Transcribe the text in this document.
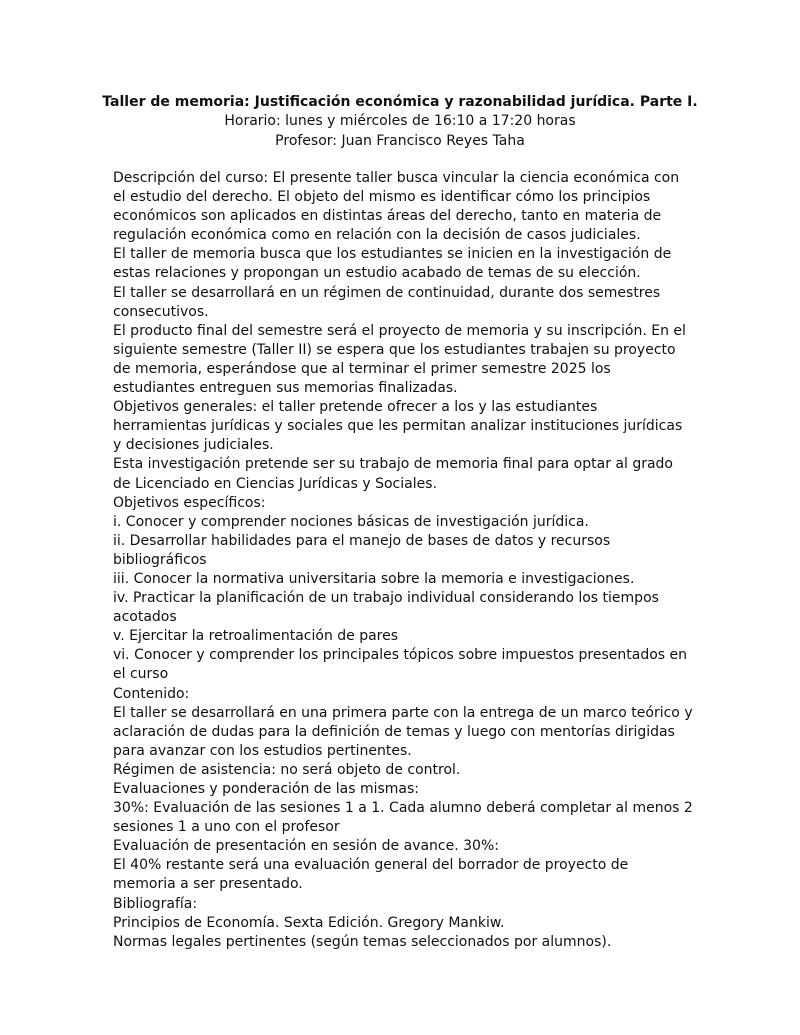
Taller de memoria: Justificación económica y razonabilidad jurídica. Parte I.
Horario: lunes y miércoles de 16:10 a 17:20 horas
Profesor: Juan Francisco Reyes Taha

Descripción del curso: El presente taller busca vincular la ciencia económica con el estudio del derecho. El objeto del mismo es identificar cómo los principios económicos son aplicados en distintas áreas del derecho, tanto en materia de regulación económica como en relación con la decisión de casos judiciales.

El taller de memoria busca que los estudiantes se inicien en la investigación de estas relaciones y propongan un estudio acabado de temas de su elección.

El taller se desarrollará en un régimen de continuidad, durante dos semestres consecutivos.

El producto final del semestre será el proyecto de memoria y su inscripción. En el siguiente semestre (Taller II) se espera que los estudiantes trabajen su proyecto de memoria, esperándose que al terminar el primer semestre 2025 los estudiantes entreguen sus memorias finalizadas.

Objetivos generales: el taller pretende ofrecer a los y las estudiantes herramientas jurídicas y sociales que les permitan analizar instituciones jurídicas y decisiones judiciales.

Esta investigación pretende ser su trabajo de memoria final para optar al grado de Licenciado en Ciencias Jurídicas y Sociales.

Objetivos específicos:

i. Conocer y comprender nociones básicas de investigación jurídica.

ii. Desarrollar habilidades para el manejo de bases de datos y recursos bibliográficos

iii. Conocer la normativa universitaria sobre la memoria e investigaciones.

iv. Practicar la planificación de un trabajo individual considerando los tiempos acotados

v. Ejercitar la retroalimentación de pares

vi. Conocer y comprender los principales tópicos sobre impuestos presentados en el curso

Contenido:

El taller se desarrollará en una primera parte con la entrega de un marco teórico y aclaración de dudas para la definición de temas y luego con mentorías dirigidas para avanzar con los estudios pertinentes.

Régimen de asistencia: no será objeto de control.

Evaluaciones y ponderación de las mismas:

30%: Evaluación de las sesiones 1 a 1. Cada alumno deberá completar al menos 2 sesiones 1 a uno con el profesor

Evaluación de presentación en sesión de avance. 30%:

El 40% restante será una evaluación general del borrador de proyecto de memoria a ser presentado.

Bibliografía:

Principios de Economía. Sexta Edición. Gregory Mankiw.

Normas legales pertinentes (según temas seleccionados por alumnos).
